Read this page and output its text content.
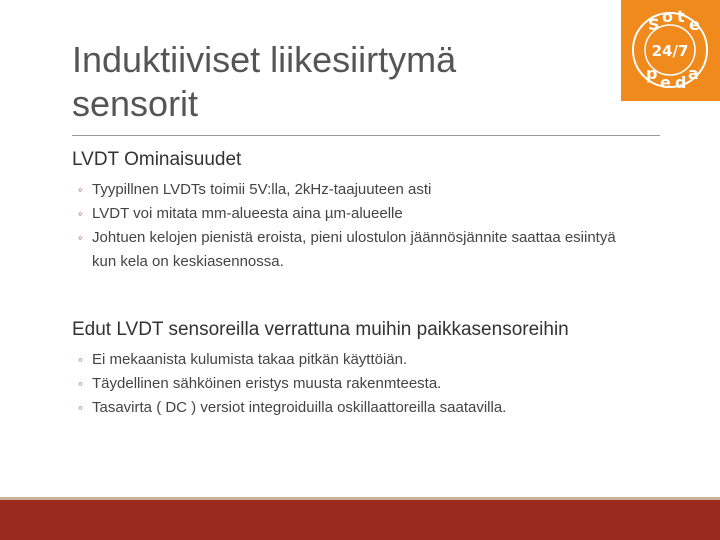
Induktiiviset liikesiirtymä
sensorit
S o t e
24/7
p e d a
LVDT Ominaisuudet
◦ Tyypillnen LVDTs toimii 5V:lla, 2kHz-taajuuteen asti
◦ LVDT voi mitata mm-alueesta aina µm-alueelle
◦ Johtuen kelojen pienistä eroista, pieni ulostulon jäännösjännite saattaa esiintyä kun kela on keskiasennossa.
Edut LVDT sensoreilla verrattuna muihin paikkasensoreihin
◦ Ei mekaanista kulumista takaa pitkän käyttöiän.
◦ Täydellinen sähköinen eristys muusta rakenmteesta.
◦ Tasavirta ( DC ) versiot integroiduilla oskillaattoreilla saatavilla.
